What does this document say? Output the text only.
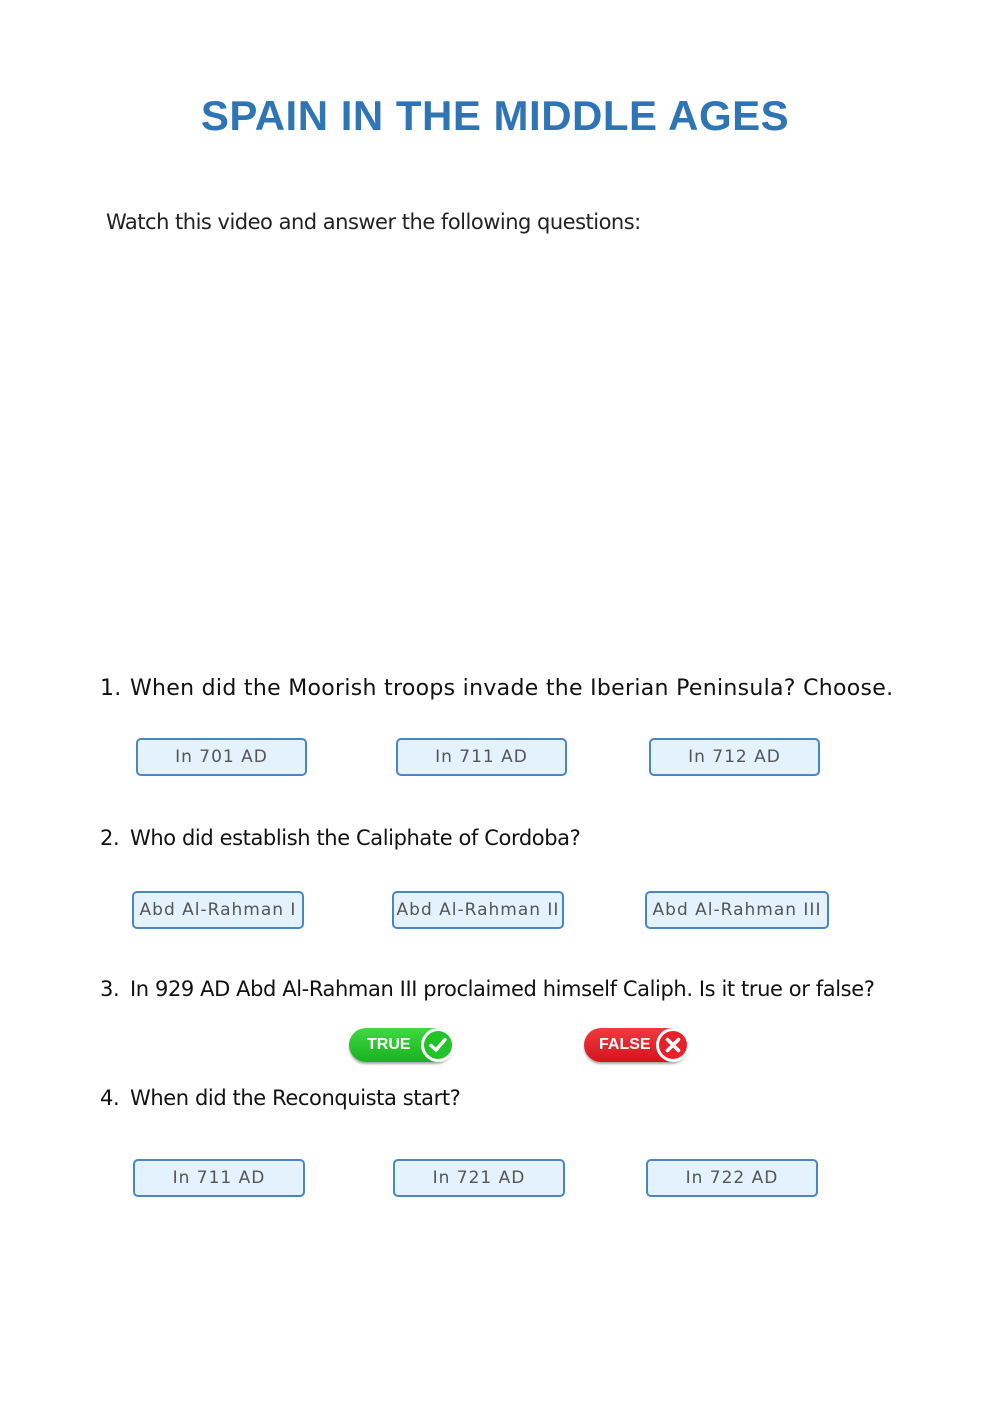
SPAIN IN THE MIDDLE AGES
Watch this video and answer the following questions:
1. When did the Moorish troops invade the Iberian Peninsula? Choose.
In 701 AD	In 711 AD	In 712 AD
2. Who did establish the Caliphate of Cordoba?
Abd Al-Rahman I	Abd Al-Rahman II	Abd Al-Rahman III
3. In 929 AD Abd Al-Rahman III proclaimed himself Caliph. Is it true or false?
TRUE	FALSE
4. When did the Reconquista start?
In 711 AD	In 721 AD	In 722 AD
